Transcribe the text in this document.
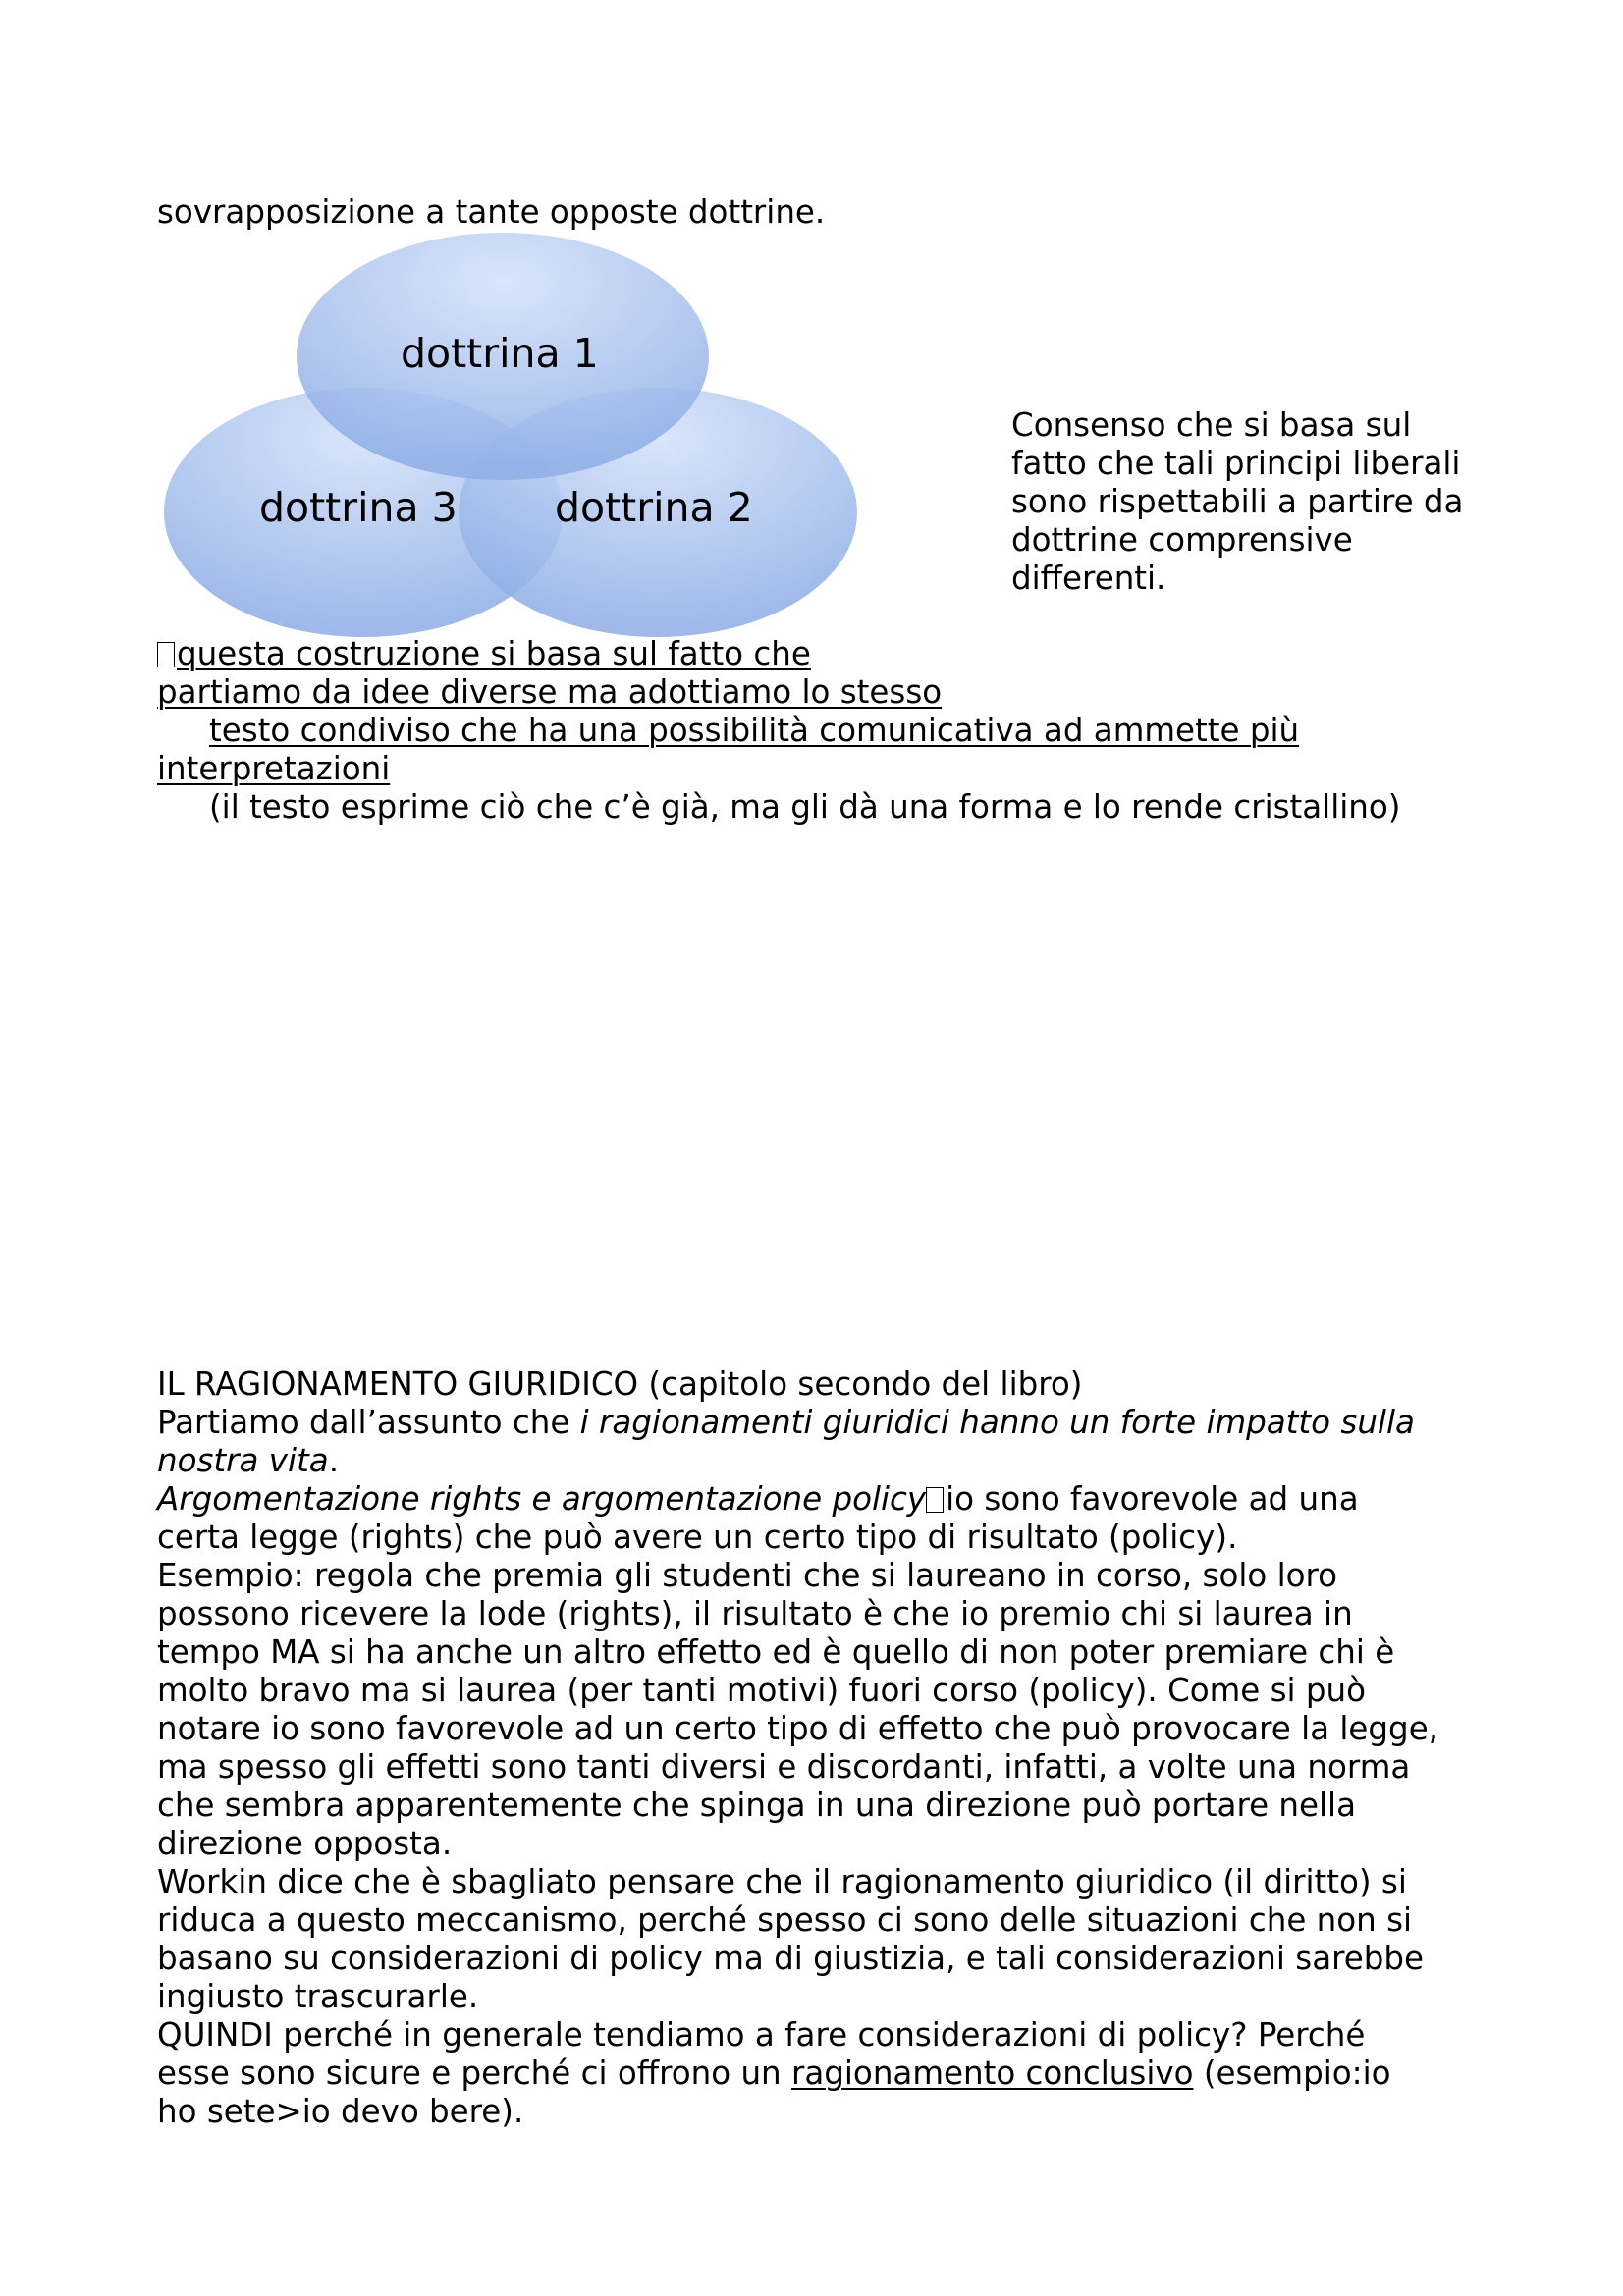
sovrapposizione a tante opposte dottrine.

dottrina 1
dottrina 2
dottrina 3
Consenso che si basa sul
fatto che tali principi liberali
sono rispettabili a partire da
dottrine comprensive
differenti.

questa costruzione si basa sul fatto che

partiamo da idee diverse ma adottiamo lo stesso

testo condiviso che ha una possibilità comunicativa ad ammette più

interpretazioni

(il testo esprime ciò che c’è già, ma gli dà una forma e lo rende cristallino)

IL RAGIONAMENTO GIURIDICO (capitolo secondo del libro)

Partiamo dall’assunto che i ragionamenti giuridici hanno un forte impatto sulla

nostra vita.

Argomentazione rights e argomentazione policy io sono favorevole ad una

certa legge (rights) che può avere un certo tipo di risultato (policy).

Esempio: regola che premia gli studenti che si laureano in corso, solo loro

possono ricevere la lode (rights), il risultato è che io premio chi si laurea in

tempo MA si ha anche un altro effetto ed è quello di non poter premiare chi è

molto bravo ma si laurea (per tanti motivi) fuori corso (policy). Come si può

notare io sono favorevole ad un certo tipo di effetto che può provocare la legge,

ma spesso gli effetti sono tanti diversi e discordanti, infatti, a volte una norma

che sembra apparentemente che spinga in una direzione può portare nella

direzione opposta.

Workin dice che è sbagliato pensare che il ragionamento giuridico (il diritto) si

riduca a questo meccanismo, perché spesso ci sono delle situazioni che non si

basano su considerazioni di policy ma di giustizia, e tali considerazioni sarebbe

ingiusto trascurarle.

QUINDI perché in generale tendiamo a fare considerazioni di policy? Perché

esse sono sicure e perché ci offrono un ragionamento conclusivo (esempio:io

ho sete>io devo bere).
